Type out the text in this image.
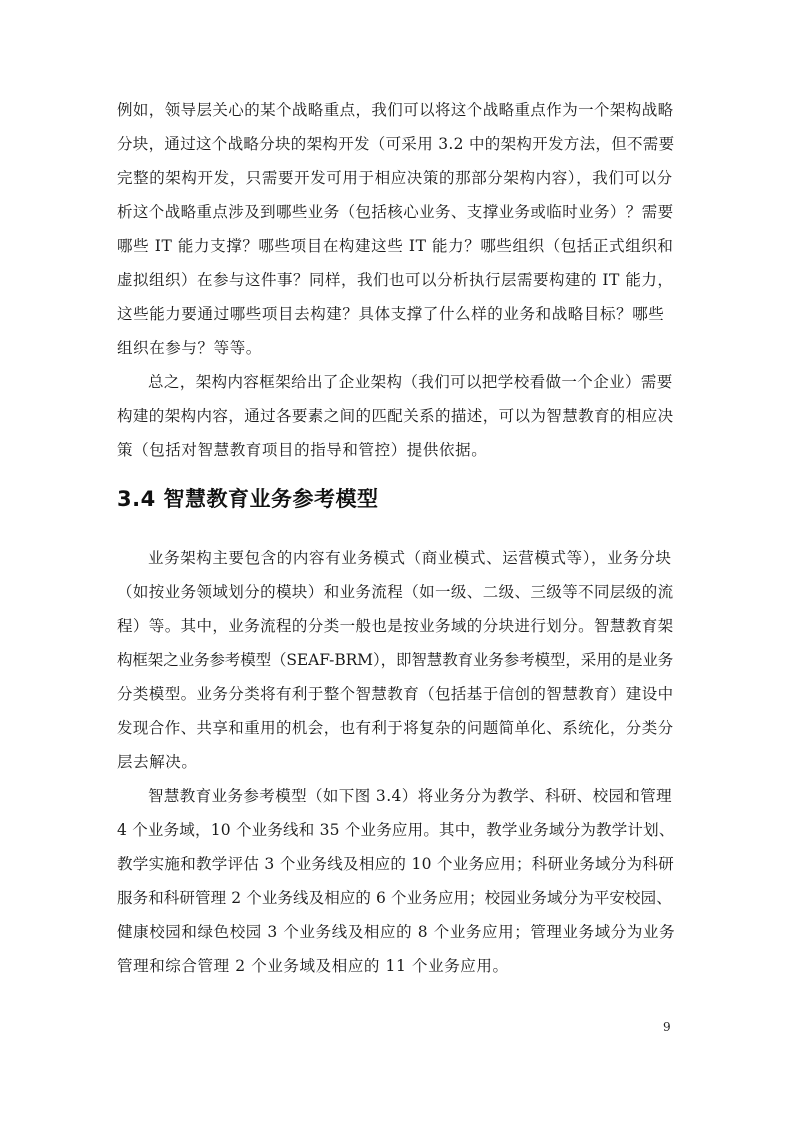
例如，领导层关心的某个战略重点，我们可以将这个战略重点作为一个架构战略
分块，通过这个战略分块的架构开发（可采用 3.2 中的架构开发方法，但不需要
完整的架构开发，只需要开发可用于相应决策的那部分架构内容），我们可以分
析这个战略重点涉及到哪些业务（包括核心业务、支撑业务或临时业务）？需要
哪些 IT 能力支撑？哪些项目在构建这些 IT 能力？哪些组织（包括正式组织和
虚拟组织）在参与这件事？同样，我们也可以分析执行层需要构建的 IT 能力，
这些能力要通过哪些项目去构建？具体支撑了什么样的业务和战略目标？哪些
组织在参与？等等。
总之，架构内容框架给出了企业架构（我们可以把学校看做一个企业）需要
构建的架构内容，通过各要素之间的匹配关系的描述，可以为智慧教育的相应决
策（包括对智慧教育项目的指导和管控）提供依据。
3.4 智慧教育业务参考模型
业务架构主要包含的内容有业务模式（商业模式、运营模式等），业务分块
（如按业务领域划分的模块）和业务流程（如一级、二级、三级等不同层级的流
程）等。其中，业务流程的分类一般也是按业务域的分块进行划分。智慧教育架
构框架之业务参考模型（SEAF-BRM），即智慧教育业务参考模型，采用的是业务
分类模型。业务分类将有利于整个智慧教育（包括基于信创的智慧教育）建设中
发现合作、共享和重用的机会，也有利于将复杂的问题简单化、系统化，分类分
层去解决。
智慧教育业务参考模型（如下图 3.4）将业务分为教学、科研、校园和管理
4 个业务域，10 个业务线和 35 个业务应用。其中，教学业务域分为教学计划、
教学实施和教学评估 3 个业务线及相应的 10 个业务应用；科研业务域分为科研
服务和科研管理 2 个业务线及相应的 6 个业务应用；校园业务域分为平安校园、
健康校园和绿色校园 3 个业务线及相应的 8 个业务应用；管理业务域分为业务
管理和综合管理 2 个业务域及相应的 11 个业务应用。
9
